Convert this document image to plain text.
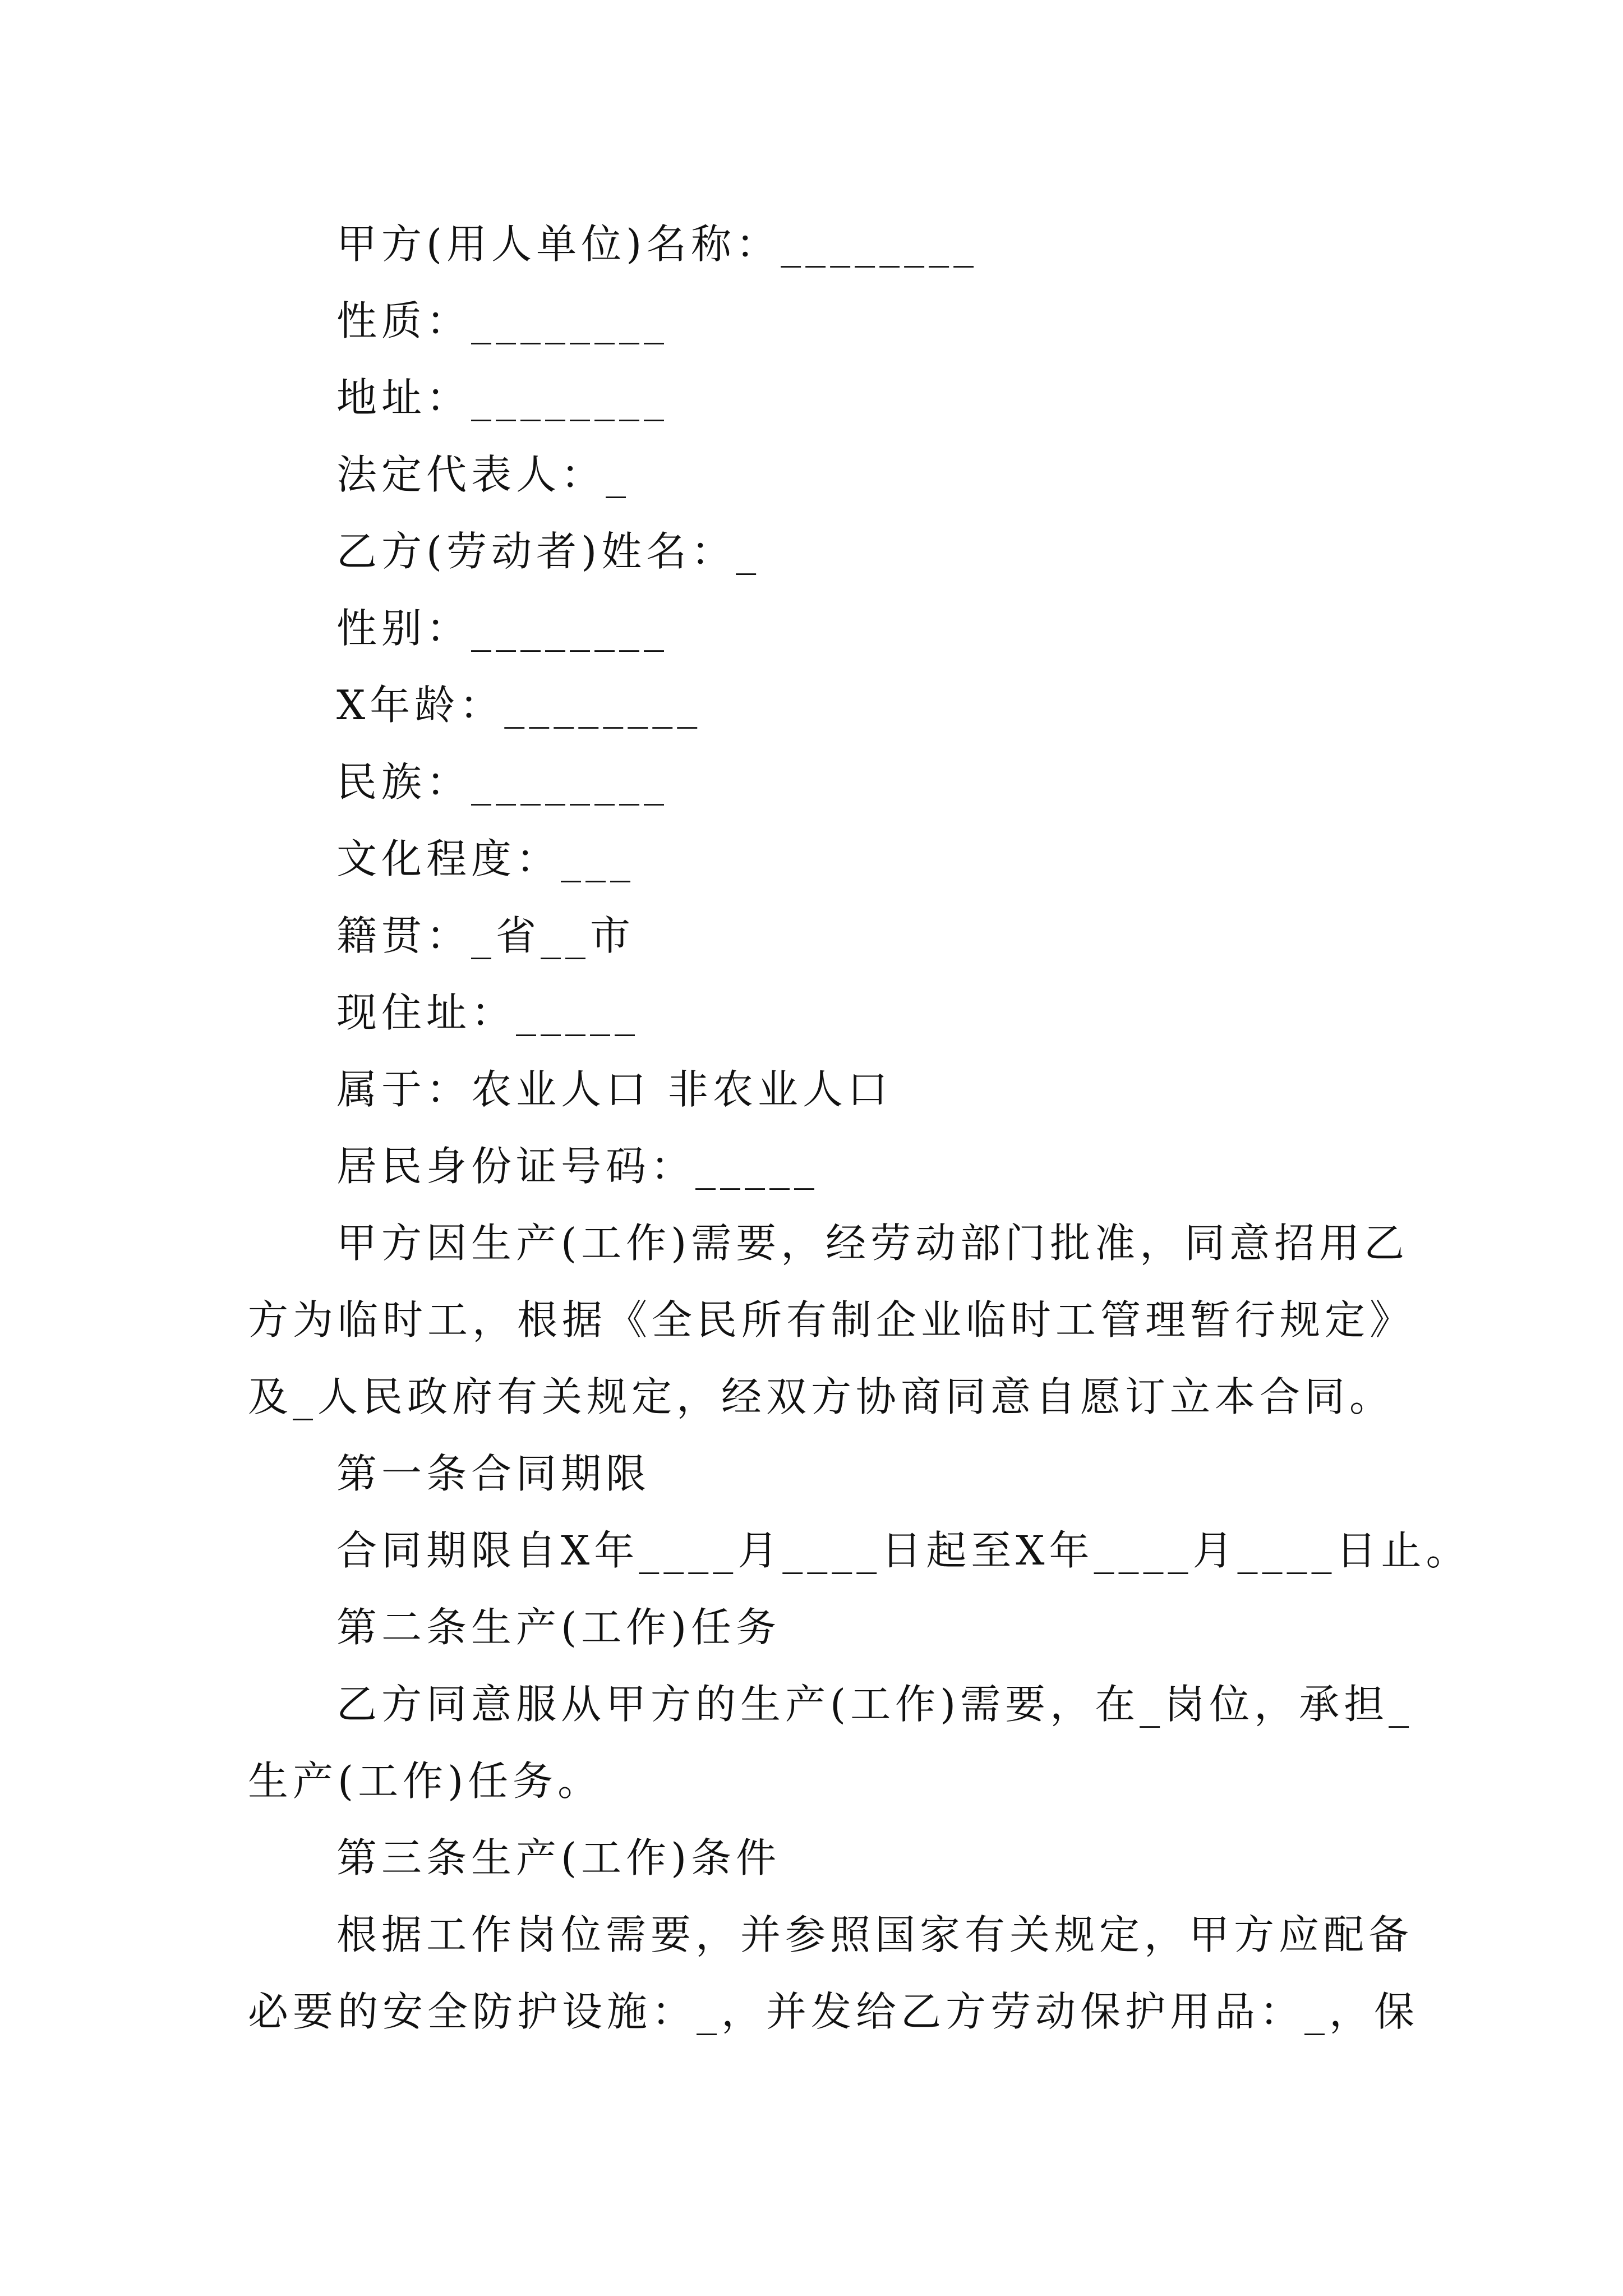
甲方(用人单位)名称：________
性质：________
地址：________
法定代表人：_
乙方(劳动者)姓名：_
性别：________
X年龄：________
民族：________
文化程度：___
籍贯：_省__市
现住址：_____
属于：农业人口 非农业人口
居民身份证号码：_____
甲方因生产(工作)需要，经劳动部门批准，同意招用乙
方为临时工，根据《全民所有制企业临时工管理暂行规定》
及_人民政府有关规定，经双方协商同意自愿订立本合同。
第一条合同期限
合同期限自X年____月____日起至X年____月____日止。
第二条生产(工作)任务
乙方同意服从甲方的生产(工作)需要，在_岗位，承担_
生产(工作)任务。
第三条生产(工作)条件
根据工作岗位需要，并参照国家有关规定，甲方应配备
必要的安全防护设施：_，并发给乙方劳动保护用品：_，保
